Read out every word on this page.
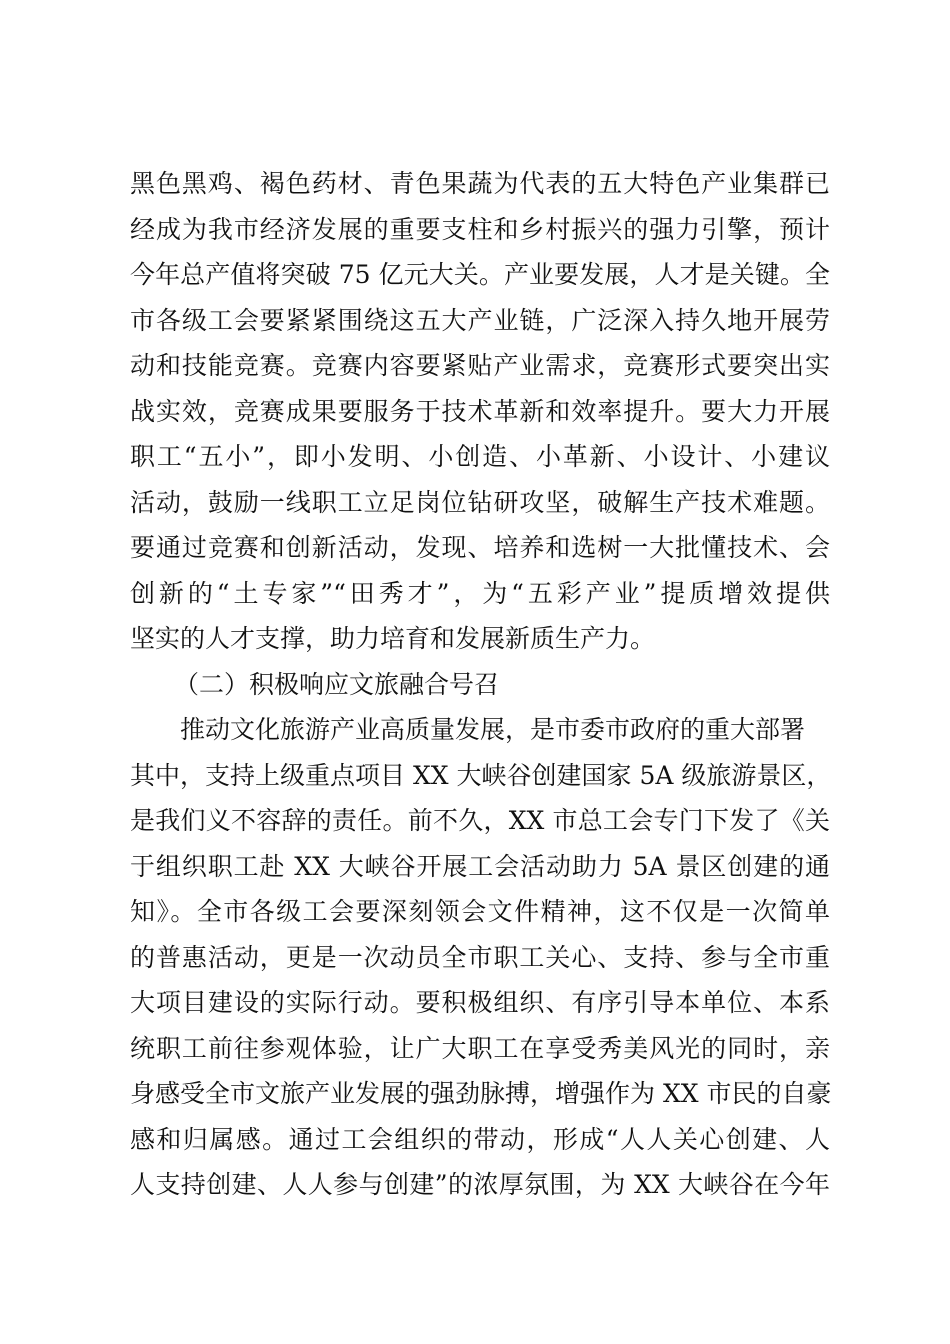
黑色黑鸡、褐色药材、青色果蔬为代表的五大特色产业集群已
经成为我市经济发展的重要支柱和乡村振兴的强力引擎，预计
今年总产值将突破 75 亿元大关。产业要发展，人才是关键。全
市各级工会要紧紧围绕这五大产业链，广泛深入持久地开展劳
动和技能竞赛。竞赛内容要紧贴产业需求，竞赛形式要突出实
战实效，竞赛成果要服务于技术革新和效率提升。要大力开展
职工“五小”，即小发明、小创造、小革新、小设计、小建议
活动，鼓励一线职工立足岗位钻研攻坚，破解生产技术难题。
要通过竞赛和创新活动，发现、培养和选树一大批懂技术、会
创新的“土专家”“田秀才”，为“五彩产业”提质增效提供
坚实的人才支撑，助力培育和发展新质生产力。
（二）积极响应文旅融合号召
　　推动文化旅游产业高质量发展，是市委市政府的重大部署
其中，支持上级重点项目 XX 大峡谷创建国家 5A 级旅游景区，
是我们义不容辞的责任。前不久，XX 市总工会专门下发了《关
于组织职工赴 XX 大峡谷开展工会活动助力 5A 景区创建的通
知》。全市各级工会要深刻领会文件精神，这不仅是一次简单
的普惠活动，更是一次动员全市职工关心、支持、参与全市重
大项目建设的实际行动。要积极组织、有序引导本单位、本系
统职工前往参观体验，让广大职工在享受秀美风光的同时，亲
身感受全市文旅产业发展的强劲脉搏，增强作为 XX 市民的自豪
感和归属感。通过工会组织的带动，形成“人人关心创建、人
人支持创建、人人参与创建”的浓厚氛围，为 XX 大峡谷在今年
